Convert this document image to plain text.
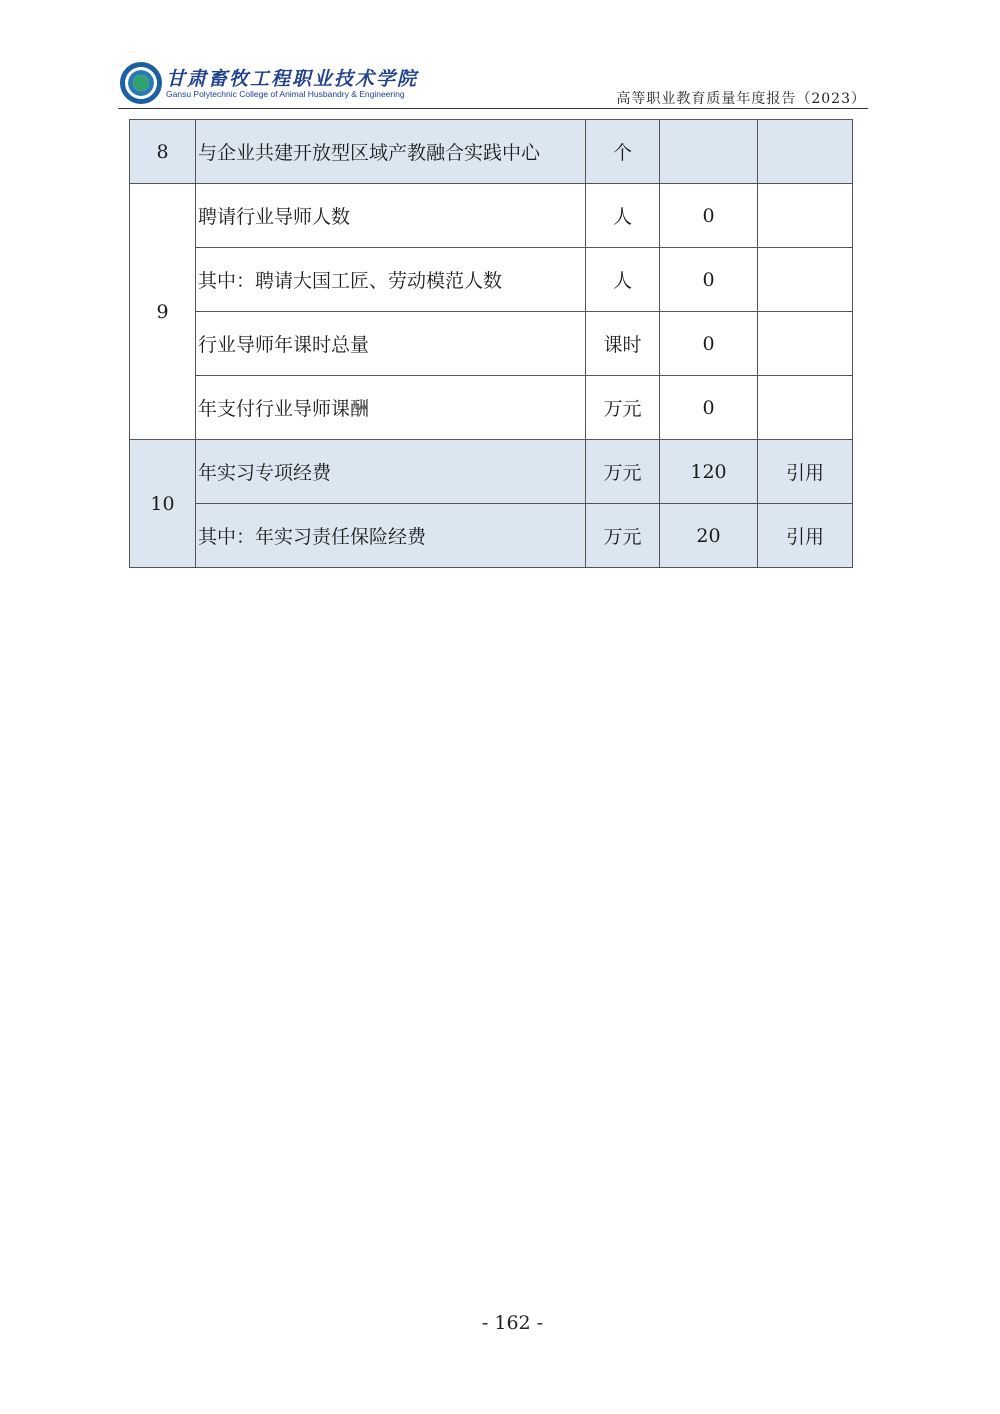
甘肃畜牧工程职业技术学院
Gansu Polytechnic College of Animal Husbandry & Engineering	高等职业教育质量年度报告（2023）
8	与企业共建开放型区域产教融合实践中心	个		
9	聘请行业导师人数	人	0	
	其中：聘请大国工匠、劳动模范人数	人	0	
	行业导师年课时总量	课时	0	
	年支付行业导师课酬	万元	0	
10	年实习专项经费	万元	120	引用
	其中：年实习责任保险经费	万元	20	引用
- 162 -
